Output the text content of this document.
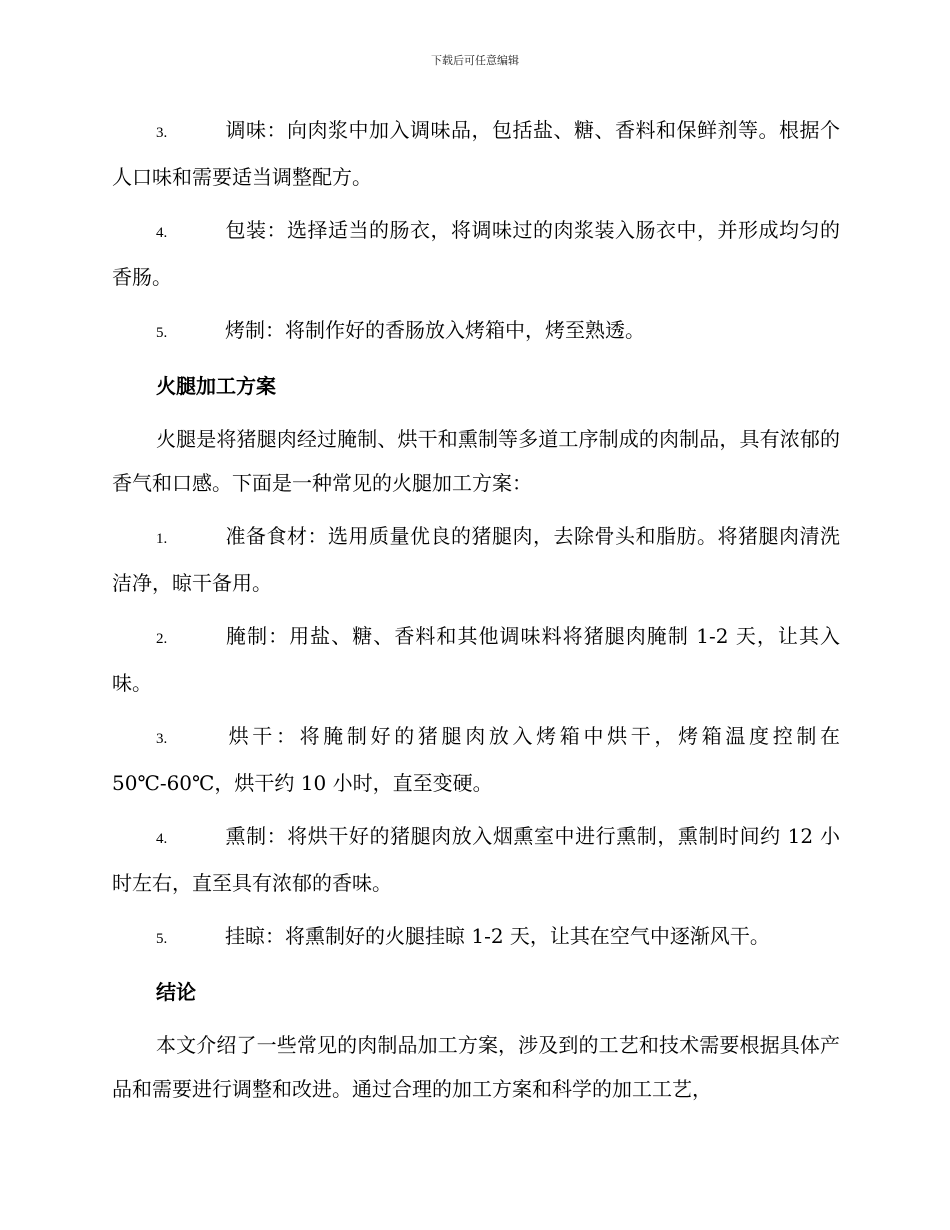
下载后可任意编辑

3.	调味：向肉浆中加入调味品，包括盐、糖、香料和保鲜剂等。根据个人口味和需要适当调整配方。

4.	包装：选择适当的肠衣，将调味过的肉浆装入肠衣中，并形成均匀的香肠。

5.	烤制：将制作好的香肠放入烤箱中，烤至熟透。

火腿加工方案

火腿是将猪腿肉经过腌制、烘干和熏制等多道工序制成的肉制品，具有浓郁的香气和口感。下面是一种常见的火腿加工方案：

1.	准备食材：选用质量优良的猪腿肉，去除骨头和脂肪。将猪腿肉清洗洁净，晾干备用。

2.	腌制：用盐、糖、香料和其他调味料将猪腿肉腌制 1-2 天，让其入味。

3.	烘干：将腌制好的猪腿肉放入烤箱中烘干，烤箱温度控制在 50℃-60℃，烘干约 10 小时，直至变硬。

4.	熏制：将烘干好的猪腿肉放入烟熏室中进行熏制，熏制时间约 12 小时左右，直至具有浓郁的香味。

5.	挂晾：将熏制好的火腿挂晾 1-2 天，让其在空气中逐渐风干。

结论

本文介绍了一些常见的肉制品加工方案，涉及到的工艺和技术需要根据具体产品和需要进行调整和改进。通过合理的加工方案和科学的加工工艺，
